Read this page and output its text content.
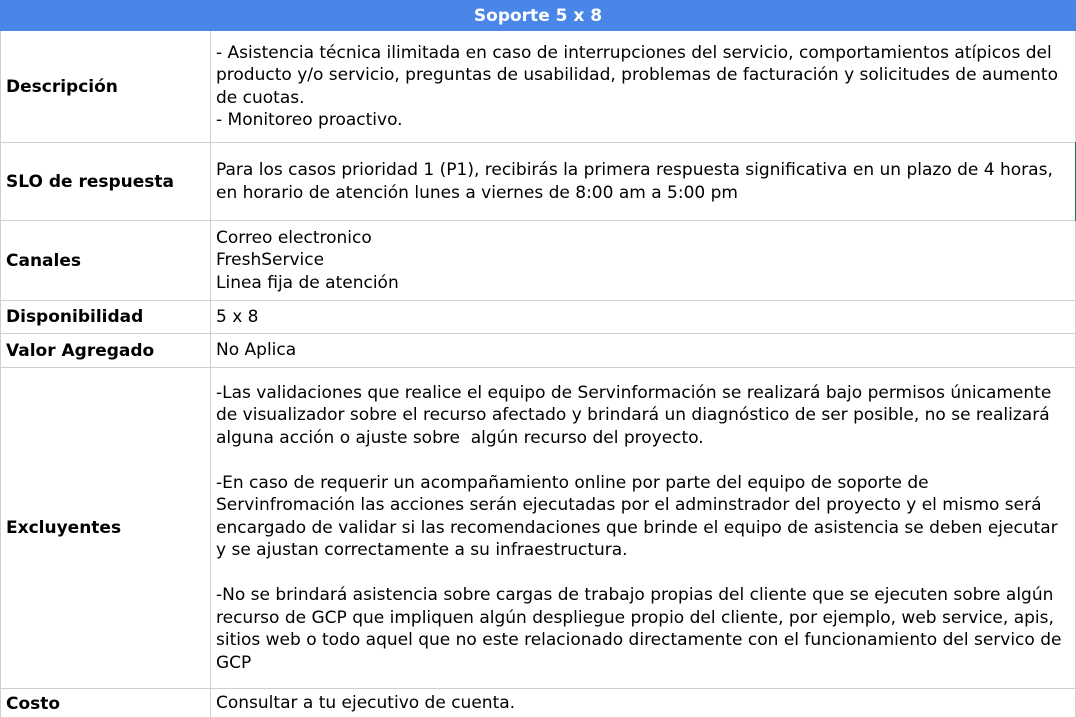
Soporte 5 x 8	
Descripción	- Asistencia técnica ilimitada en caso de interrupciones del servicio, comportamientos atípicos del producto y/o servicio, preguntas de usabilidad, problemas de facturación y solicitudes de aumento de cuotas.
- Monitoreo proactivo.

SLO de respuesta	Para los casos prioridad 1 (P1), recibirás la primera respuesta significativa en un plazo de 4 horas, en horario de atención lunes a viernes de 8:00 am a 5:00 pm

Canales	Correo electronico
FreshService
Linea fija de atención

Disponibilidad	5 x 8
Valor Agregado	No Aplica
Excluyentes	-Las validaciones que realice el equipo de Servinformación se realizará bajo permisos únicamente de visualizador sobre el recurso afectado y brindará un diagnóstico de ser posible, no se realizará alguna acción o ajuste sobre  algún recurso del proyecto.
-En caso de requerir un acompañamiento online por parte del equipo de soporte de Servinfromación las acciones serán ejecutadas por el adminstrador del proyecto y el mismo será encargado de validar si las recomendaciones que brinde el equipo de asistencia se deben ejecutar y se ajustan correctamente a su infraestructura.
-No se brindará asistencia sobre cargas de trabajo propias del cliente que se ejecuten sobre algún recurso de GCP que impliquen algún despliegue propio del cliente, por ejemplo, web service, apis, sitios web o todo aquel que no este relacionado directamente con el funcionamiento del servico de GCP

Costo	Consultar a tu ejecutivo de cuenta.
